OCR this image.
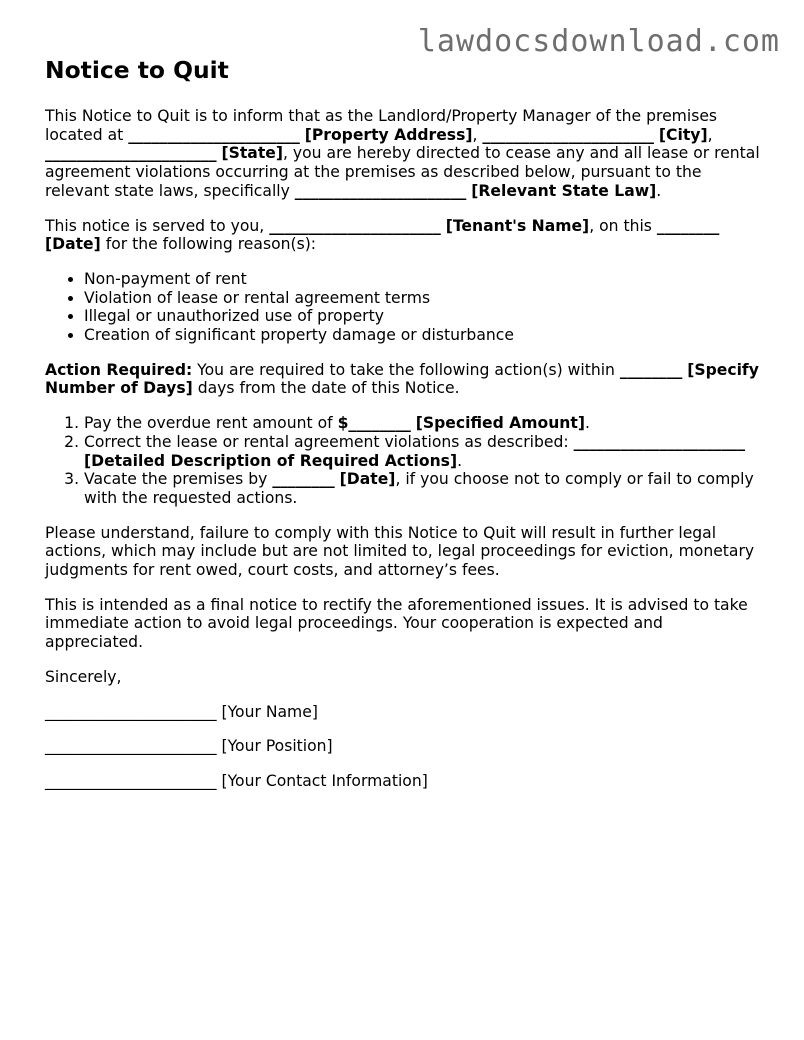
lawdocsdownload.com
Notice to Quit

This Notice to Quit is to inform that as the Landlord/Property Manager of the premises located at ______________________ [Property Address], ______________________ [City], ______________________ [State], you are hereby directed to cease any and all lease or rental agreement violations occurring at the premises as described below, pursuant to the relevant state laws, specifically ______________________ [Relevant State Law].

This notice is served to you, ______________________ [Tenant's Name], on this ________ [Date] for the following reason(s):

• Non-payment of rent
• Violation of lease or rental agreement terms
• Illegal or unauthorized use of property
• Creation of significant property damage or disturbance

Action Required: You are required to take the following action(s) within ________ [Specify Number of Days] days from the date of this Notice.

1. Pay the overdue rent amount of $________ [Specified Amount].
2. Correct the lease or rental agreement violations as described: ______________________ [Detailed Description of Required Actions].
3. Vacate the premises by ________ [Date], if you choose not to comply or fail to comply with the requested actions.

Please understand, failure to comply with this Notice to Quit will result in further legal actions, which may include but are not limited to, legal proceedings for eviction, monetary judgments for rent owed, court costs, and attorney’s fees.

This is intended as a final notice to rectify the aforementioned issues. It is advised to take immediate action to avoid legal proceedings. Your cooperation is expected and appreciated.

Sincerely,

______________________ [Your Name]

______________________ [Your Position]

______________________ [Your Contact Information]
